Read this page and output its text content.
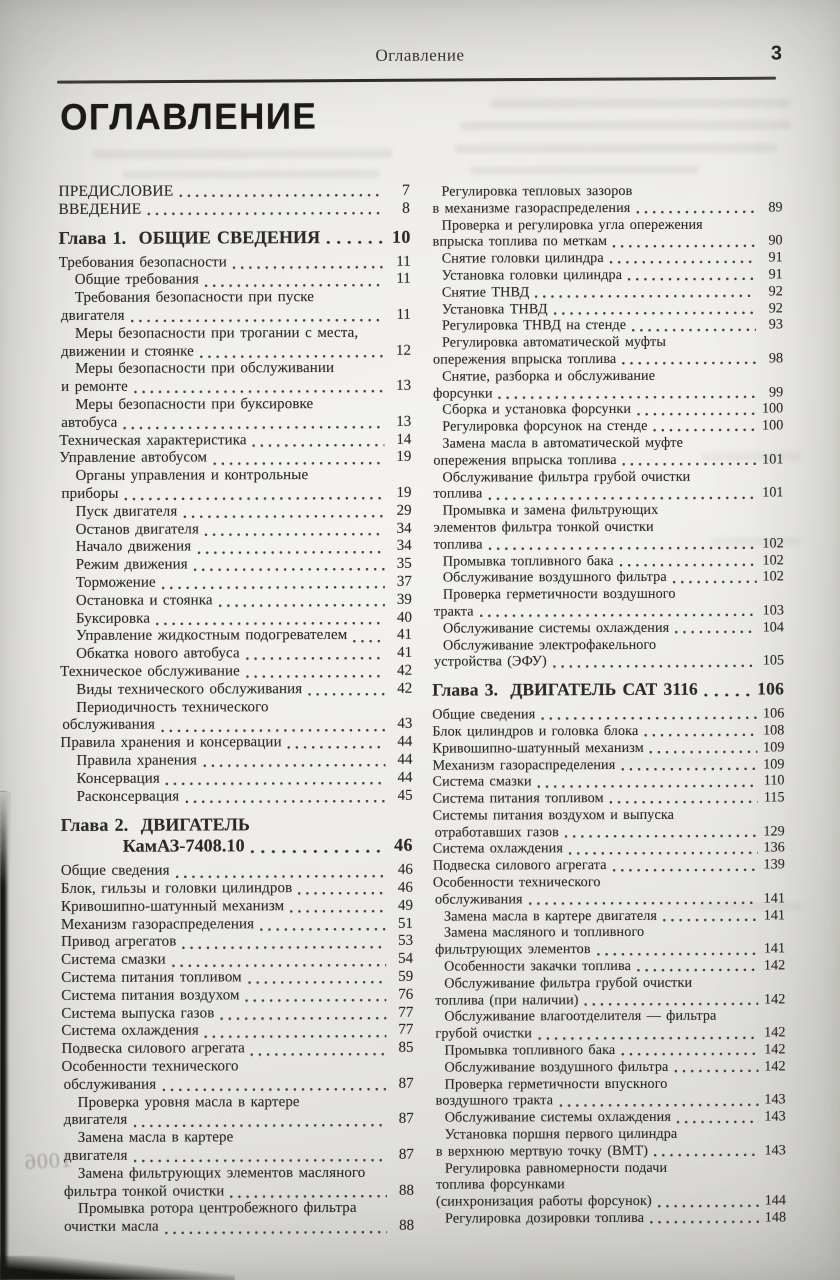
Оглавление	3
ОГЛАВЛЕНИЕ
ПРЕДИСЛОВИЕ	7
ВВЕДЕНИЕ	8
Глава 1.  ОБЩИЕ СВЕДЕНИЯ	10
Требования безопасности	11
Общие требования	11
Требования безопасности при пуске
двигателя	11
Меры безопасности при трогании с места,
движении и стоянке	12
Меры безопасности при обслуживании
и ремонте	13
Меры безопасности при буксировке
автобуса	13
Техническая характеристика	14
Управление автобусом	19
Органы управления и контрольные
приборы	19
Пуск двигателя	29
Останов двигателя	34
Начало движения	34
Режим движения	35
Торможение	37
Остановка и стоянка	39
Буксировка	40
Управление жидкостным подогревателем	41
Обкатка нового автобуса	41
Техническое обслуживание	42
Виды технического обслуживания	42
Периодичность технического
обслуживания	43
Правила хранения и консервации	44
Правила хранения	44
Консервация	44
Расконсервация	45
Глава 2.  ДВИГАТЕЛЬ
КамАЗ-7408.10	46
Общие сведения	46
Блок, гильзы и головки цилиндров	46
Кривошипно-шатунный механизм	49
Механизм газораспределения	51
Привод агрегатов	53
Система смазки	54
Система питания топливом	59
Система питания воздухом	76
Система выпуска газов	77
Система охлаждения	77
Подвеска силового агрегата	85
Особенности технического
обслуживания	87
Проверка уровня масла в картере
двигателя	87
Замена масла в картере
двигателя	87
Замена фильтрующих элементов масляного
фильтра тонкой очистки	88
Промывка ротора центробежного фильтра
очистки масла	88
Регулировка тепловых зазоров
в механизме газораспределения	89
Проверка и регулировка угла опережения
впрыска топлива по меткам	90
Снятие головки цилиндра	91
Установка головки цилиндра	91
Снятие ТНВД	92
Установка ТНВД	92
Регулировка ТНВД на стенде	93
Регулировка автоматической муфты
опережения впрыска топлива	98
Снятие, разборка и обслуживание
форсунки	99
Сборка и установка форсунки	100
Регулировка форсунок на стенде	100
Замена масла в автоматической муфте
опережения впрыска топлива	101
Обслуживание фильтра грубой очистки
топлива	101
Промывка и замена фильтрующих
элементов фильтра тонкой очистки
топлива	102
Промывка топливного бака	102
Обслуживание воздушного фильтра	102
Проверка герметичности воздушного
тракта	103
Обслуживание системы охлаждения	104
Обслуживание электрофакельного
устройства (ЭФУ)	105
Глава 3.  ДВИГАТЕЛЬ САТ 3116	106
Общие сведения	106
Блок цилиндров и головка блока	108
Кривошипно-шатунный механизм	109
Механизм газораспределения	109
Система смазки	110
Система питания топливом	115
Системы питания воздухом и выпуска
отработавших газов	129
Система охлаждения	136
Подвеска силового агрегата	139
Особенности технического
обслуживания	141
Замена масла в картере двигателя	141
Замена масляного и топливного
фильтрующих элементов	141
Особенности закачки топлива	142
Обслуживание фильтра грубой очистки
топлива (при наличии)	142
Обслуживание влагоотделителя — фильтра
грубой очистки	142
Промывка топливного бака	142
Обслуживание воздушного фильтра	142
Проверка герметичности впускного
воздушного тракта	143
Обслуживание системы охлаждения	143
Установка поршня первого цилиндра
в верхнюю мертвую точку (ВМТ)	143
Регулировка равномерности подачи
топлива форсунками
(синхронизация работы форсунок)	144
Регулировка дозировки топлива	148
1006
